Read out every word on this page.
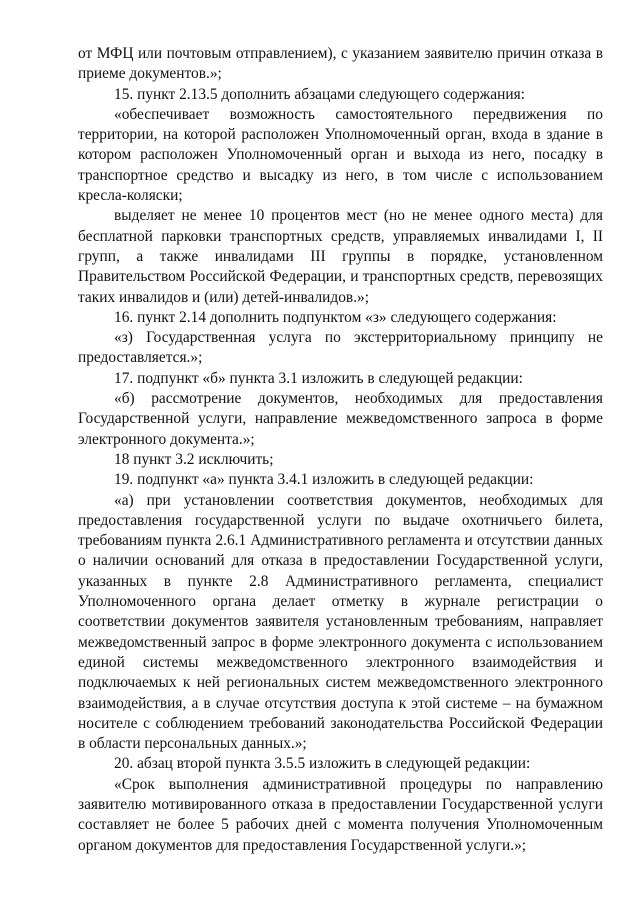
от МФЦ или почтовым отправлением), с указанием заявителю причин отказа в приеме документов.»;

15. пункт 2.13.5 дополнить абзацами следующего содержания:

«обеспечивает возможность самостоятельного передвижения по территории, на которой расположен Уполномоченный орган, входа в здание в котором расположен Уполномоченный орган и выхода из него, посадку в транспортное средство и высадку из него, в том числе с использованием кресла-коляски;

выделяет не менее 10 процентов мест (но не менее одного места) для бесплатной парковки транспортных средств, управляемых инвалидами I, II групп, а также инвалидами III группы в порядке, установленном Правительством Российской Федерации, и транспортных средств, перевозящих таких инвалидов и (или) детей-инвалидов.»;

16. пункт 2.14 дополнить подпунктом «з» следующего содержания:

«з) Государственная услуга по экстерриториальному принципу не предоставляется.»;

17. подпункт «б» пункта 3.1 изложить в следующей редакции:

«б) рассмотрение документов, необходимых для предоставления Государственной услуги, направление межведомственного запроса в форме электронного документа.»;

18 пункт 3.2 исключить;

19. подпункт «а» пункта 3.4.1 изложить в следующей редакции:

«а) при установлении соответствия документов, необходимых для предоставления государственной услуги по выдаче охотничьего билета, требованиям пункта 2.6.1 Административного регламента и отсутствии данных о наличии оснований для отказа в предоставлении Государственной услуги, указанных в пункте 2.8 Административного регламента, специалист Уполномоченного органа делает отметку в журнале регистрации о соответствии документов заявителя установленным требованиям, направляет межведомственный запрос в форме электронного документа с использованием единой системы межведомственного электронного взаимодействия и подключаемых к ней региональных систем межведомственного электронного взаимодействия, а в случае отсутствия доступа к этой системе – на бумажном носителе с соблюдением требований законодательства Российской Федерации в области персональных данных.»;

20. абзац второй пункта 3.5.5 изложить в следующей редакции:

«Срок выполнения административной процедуры по направлению заявителю мотивированного отказа в предоставлении Государственной услуги составляет не более 5 рабочих дней с момента получения Уполномоченным органом документов для предоставления Государственной услуги.»;
